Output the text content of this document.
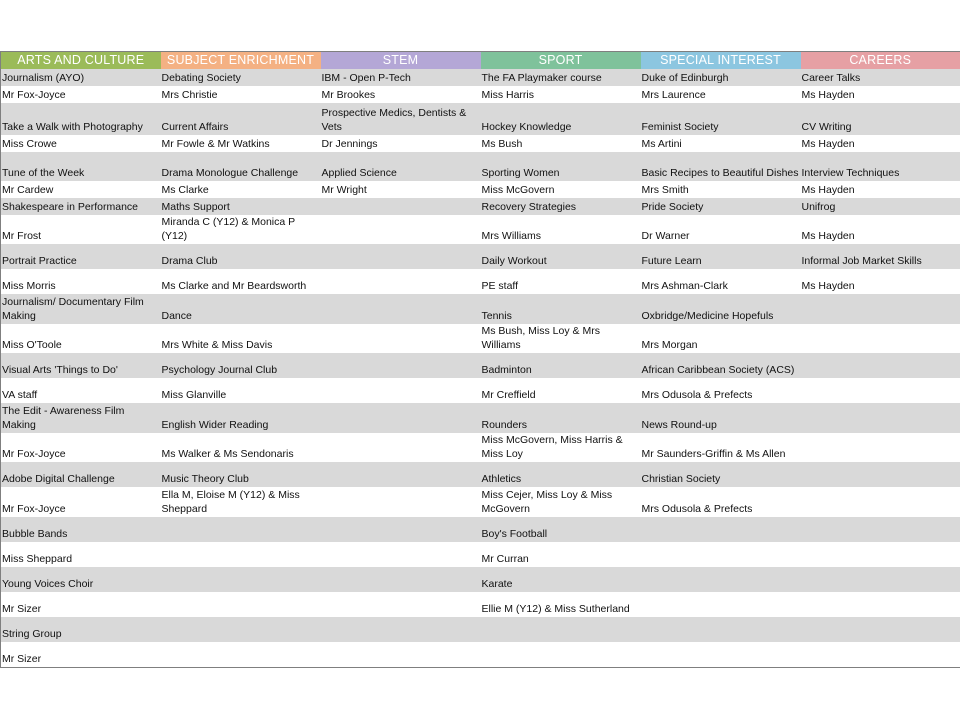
ARTS AND CULTURE	SUBJECT ENRICHMENT	STEM	SPORT	SPECIAL INTEREST	CAREERS
Journalism (AYO)	Debating Society	IBM - Open P-Tech	The FA Playmaker course	Duke of Edinburgh	Career Talks
Mr Fox-Joyce	Mrs Christie	Mr Brookes	Miss Harris	Mrs Laurence	Ms Hayden
Take a Walk with Photography	Current Affairs	Prospective Medics, Dentists & Vets	Hockey Knowledge	Feminist Society	CV Writing
Miss Crowe	Mr Fowle & Mr Watkins	Dr Jennings	Ms Bush	Ms Artini	Ms Hayden
Tune of the Week	Drama Monologue Challenge	Applied Science	Sporting Women	Basic Recipes to Beautiful Dishes	Interview Techniques
Mr Cardew	Ms Clarke	Mr Wright	Miss McGovern	Mrs Smith	Ms Hayden
Shakespeare in Performance	Maths Support		Recovery Strategies	Pride Society	Unifrog
Mr Frost	Miranda C (Y12) & Monica P (Y12)		Mrs Williams	Dr Warner	Ms Hayden
Portrait Practice	Drama Club		Daily Workout	Future Learn	Informal Job Market Skills
Miss Morris	Ms Clarke and Mr Beardsworth		PE staff	Mrs Ashman-Clark	Ms Hayden
Journalism/ Documentary Film Making	Dance		Tennis	Oxbridge/Medicine Hopefuls	
Miss O'Toole	Mrs White & Miss Davis		Ms Bush, Miss Loy & Mrs Williams	Mrs Morgan	
Visual Arts 'Things to Do'	Psychology Journal Club		Badminton	African Caribbean Society (ACS)	
VA staff	Miss Glanville		Mr Creffield	Mrs Odusola & Prefects	
The Edit - Awareness Film Making	English Wider Reading		Rounders	News Round-up	
Mr Fox-Joyce	Ms Walker & Ms Sendonaris		Miss McGovern, Miss Harris & Miss Loy	Mr Saunders-Griffin & Ms Allen	
Adobe Digital Challenge	Music Theory Club		Athletics	Christian Society	
Mr Fox-Joyce	Ella M, Eloise M (Y12) & Miss Sheppard		Miss Cejer, Miss Loy & Miss McGovern	Mrs Odusola & Prefects	
Bubble Bands			Boy's Football		
Miss Sheppard			Mr Curran		
Young Voices Choir			Karate		
Mr Sizer			Ellie M (Y12) & Miss Sutherland		
String Group					
Mr Sizer					
